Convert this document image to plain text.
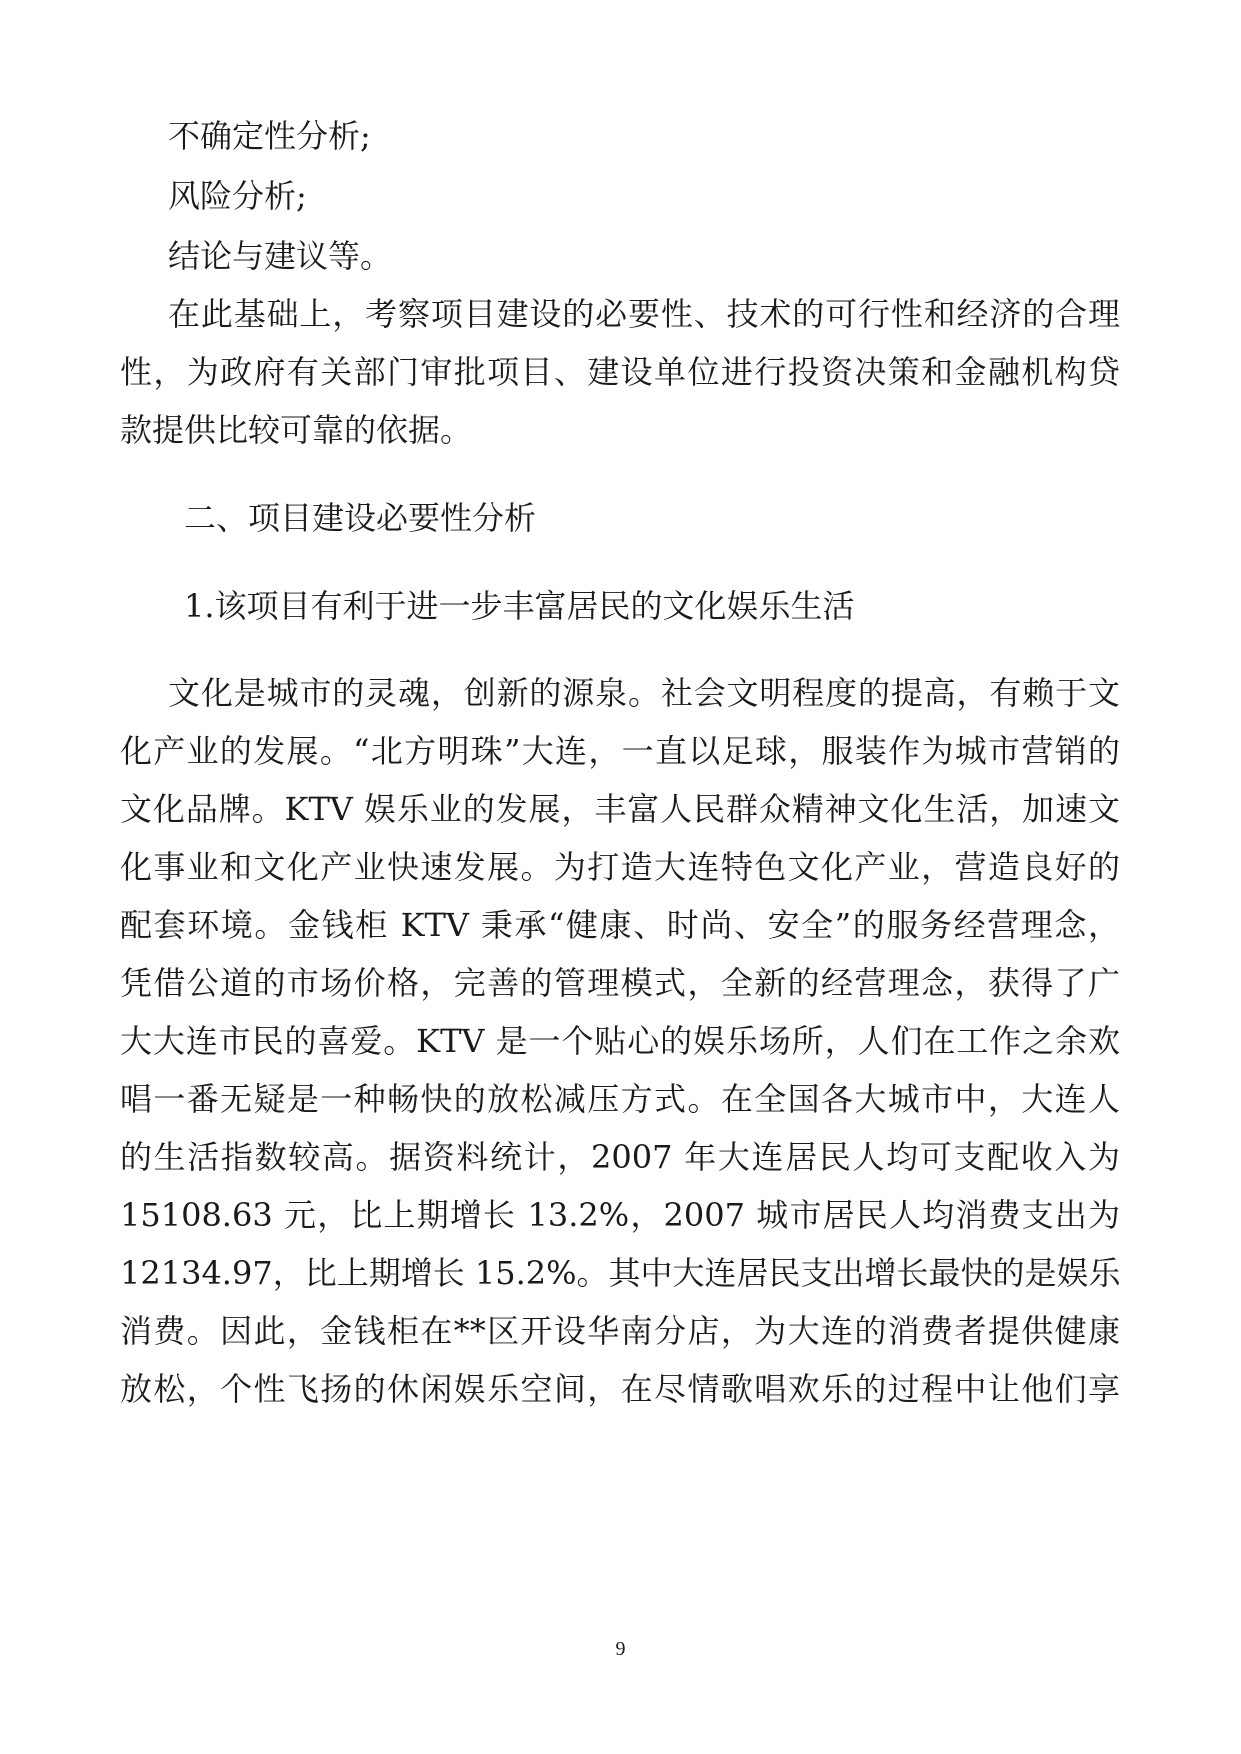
不确定性分析;
风险分析;
结论与建议等。
在此基础上，考察项目建设的必要性、技术的可行性和经济的合理
性，为政府有关部门审批项目、建设单位进行投资决策和金融机构贷
款提供比较可靠的依据。
二、项目建设必要性分析
1.该项目有利于进一步丰富居民的文化娱乐生活
文化是城市的灵魂，创新的源泉。社会文明程度的提高，有赖于文
化产业的发展。“北方明珠”大连，一直以足球，服装作为城市营销的
文化品牌。KTV 娱乐业的发展，丰富人民群众精神文化生活，加速文
化事业和文化产业快速发展。为打造大连特色文化产业，营造良好的
配套环境。金钱柜 KTV 秉承“健康、时尚、安全”的服务经营理念，
凭借公道的市场价格，完善的管理模式，全新的经营理念，获得了广
大大连市民的喜爱。KTV 是一个贴心的娱乐场所，人们在工作之余欢
唱一番无疑是一种畅快的放松减压方式。在全国各大城市中，大连人
的生活指数较高。据资料统计，2007 年大连居民人均可支配收入为
15108.63 元，比上期增长 13.2%，2007 城市居民人均消费支出为
12134.97，比上期增长 15.2%。其中大连居民支出增长最快的是娱乐
消费。因此，金钱柜在**区开设华南分店，为大连的消费者提供健康
放松，个性飞扬的休闲娱乐空间，在尽情歌唱欢乐的过程中让他们享
9
